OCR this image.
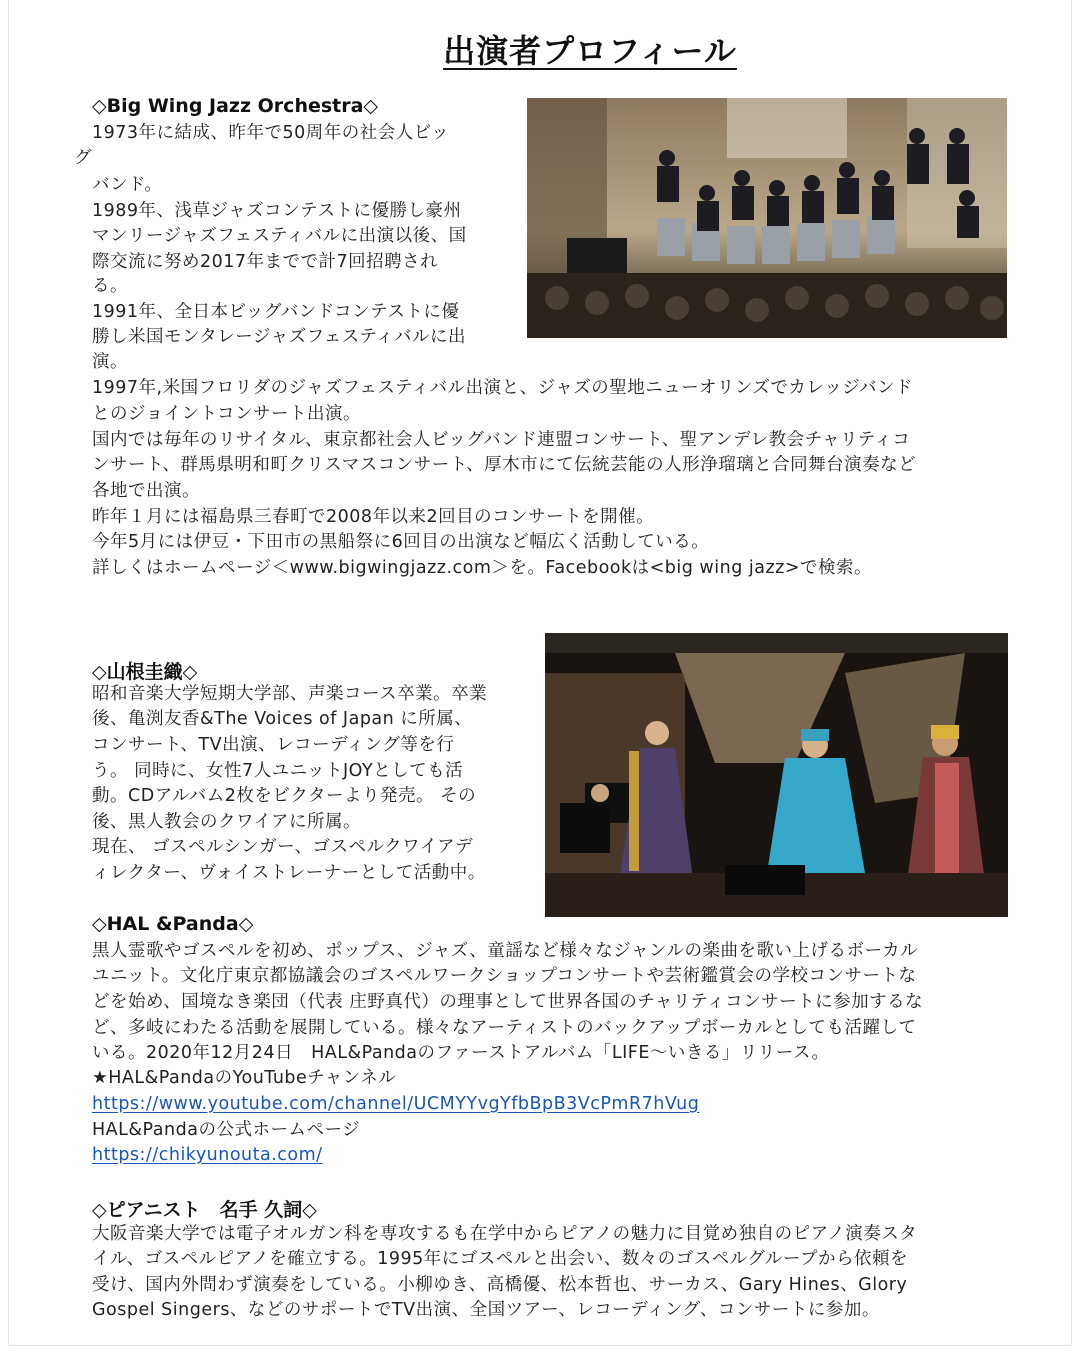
出演者プロフィール
◇Big Wing Jazz Orchestra◇
1973年に結成、昨年で50周年の社会人ビッ
グ
バンド。
1989年、浅草ジャズコンテストに優勝し豪州
マンリージャズフェスティバルに出演以後、国
際交流に努め2017年までで計7回招聘され
る。
1991年、全日本ビッグバンドコンテストに優
勝し米国モンタレージャズフェスティバルに出
演。
1997年,米国フロリダのジャズフェスティバル出演と、ジャズの聖地ニューオリンズでカレッジバンド
とのジョイントコンサート出演。
国内では毎年のリサイタル、東京都社会人ビッグバンド連盟コンサート、聖アンデレ教会チャリティコ
ンサート、群馬県明和町クリスマスコンサート、厚木市にて伝統芸能の人形浄瑠璃と合同舞台演奏など
各地で出演。
昨年１月には福島県三春町で2008年以来2回目のコンサートを開催。
今年5月には伊豆・下田市の黒船祭に6回目の出演など幅広く活動している。
詳しくはホームページ＜www.bigwingjazz.com＞を。Facebookは<big wing jazz>で検索。
◇山根圭織◇
昭和音楽大学短期大学部、声楽コース卒業。卒業
後、亀渕友香&The Voices of Japan に所属、
コンサート、TV出演、レコーディング等を行
う。 同時に、女性7人ユニットJOYとしても活
動。CDアルバム2枚をビクターより発売。 その
後、黒人教会のクワイアに所属。
現在、 ゴスペルシンガー、ゴスペルクワイアデ
ィレクター、ヴォイストレーナーとして活動中。
◇HAL &Panda◇
黒人霊歌やゴスペルを初め、ポップス、ジャズ、童謡など様々なジャンルの楽曲を歌い上げるボーカル
ユニット。文化庁東京都協議会のゴスペルワークショップコンサートや芸術鑑賞会の学校コンサートな
どを始め、国境なき楽団（代表 庄野真代）の理事として世界各国のチャリティコンサートに参加するな
ど、多岐にわたる活動を展開している。様々なアーティストのバックアップボーカルとしても活躍して
いる。2020年12月24日　HAL&Pandaのファーストアルバム「LIFE〜いきる」リリース。
★HAL&PandaのYouTubeチャンネル
https://www.youtube.com/channel/UCMYYvgYfbBpB3VcPmR7hVug
HAL&Pandaの公式ホームページ
https://chikyunouta.com/
◇ピアニスト　名手 久詞◇
大阪音楽大学では電子オルガン科を専攻するも在学中からピアノの魅力に目覚め独自のピアノ演奏スタ
イル、ゴスペルピアノを確立する。1995年にゴスペルと出会い、数々のゴスペルグループから依頼を
受け、国内外問わず演奏をしている。小柳ゆき、高橋優、松本哲也、サーカス、Gary Hines、Glory
Gospel Singers、などのサポートでTV出演、全国ツアー、レコーディング、コンサートに参加。
